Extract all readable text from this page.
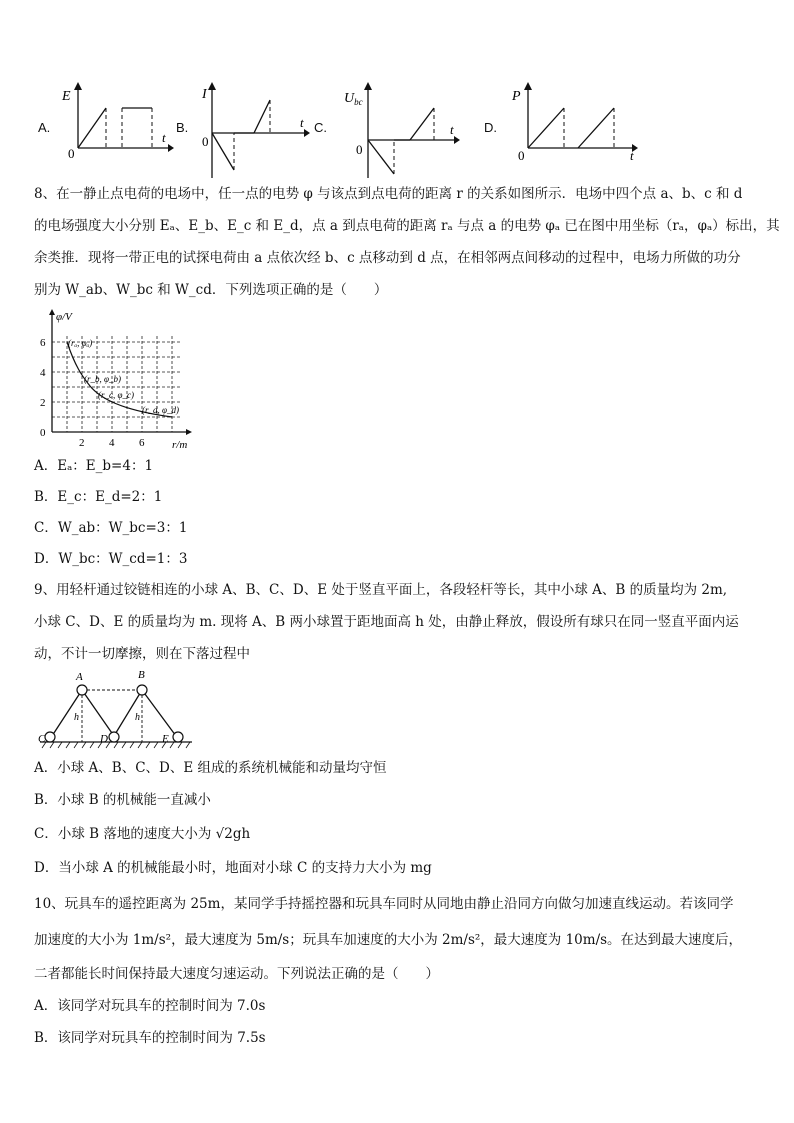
A.
E
t
0
B.
I
t
0
C.
$U_{bc}$
t
0
D.
P
t
0
8、在一静止点电荷的电场中，任一点的电势 φ 与该点到点电荷的距离 r 的关系如图所示．电场中四个点 a、b、c 和 d
的电场强度大小分别 Eₐ、E_b、E_c 和 E_d，点 a 到点电荷的距离 rₐ 与点 a 的电势 φₐ 已在图中用坐标（rₐ，φₐ）标出，其
余类推．现将一带正电的试探电荷由 a 点依次经 b、c 点移动到 d 点，在相邻两点间移动的过程中，电场力所做的功分
别为 W_ab、W_bc 和 W_cd．下列选项正确的是（　　）
φ/V
r/m
6
4
2
0
2 4 6
(rₐ, φₐ)
(r_b, φ_b)
(r_c, φ_c)
(r_d, φ_d)
A．Eₐ：E_b=4：1
B．E_c：E_d=2：1
C．W_ab：W_bc=3：1
D．W_bc：W_cd=1：3
9、用轻杆通过铰链相连的小球 A、B、C、D、E 处于竖直平面上，各段轻杆等长，其中小球 A、B 的质量均为 2m,
小球 C、D、E 的质量均为 m. 现将 A、B 两小球置于距地面高 h 处，由静止释放，假设所有球只在同一竖直平面内运
动，不计一切摩擦，则在下落过程中
A	B
C	D	E
h	h
A．小球 A、B、C、D、E 组成的系统机械能和动量均守恒
B．小球 B 的机械能一直减小
C．小球 B 落地的速度大小为 √2gh
D．当小球 A 的机械能最小时，地面对小球 C 的支持力大小为 mg
10、玩具车的遥控距离为 25m，某同学手持摇控器和玩具车同时从同地由静止沿同方向做匀加速直线运动。若该同学
加速度的大小为 1m/s²，最大速度为 5m/s；玩具车加速度的大小为 2m/s²，最大速度为 10m/s。在达到最大速度后，
二者都能长时间保持最大速度匀速运动。下列说法正确的是（　　）
A．该同学对玩具车的控制时间为 7.0s
B．该同学对玩具车的控制时间为 7.5s
